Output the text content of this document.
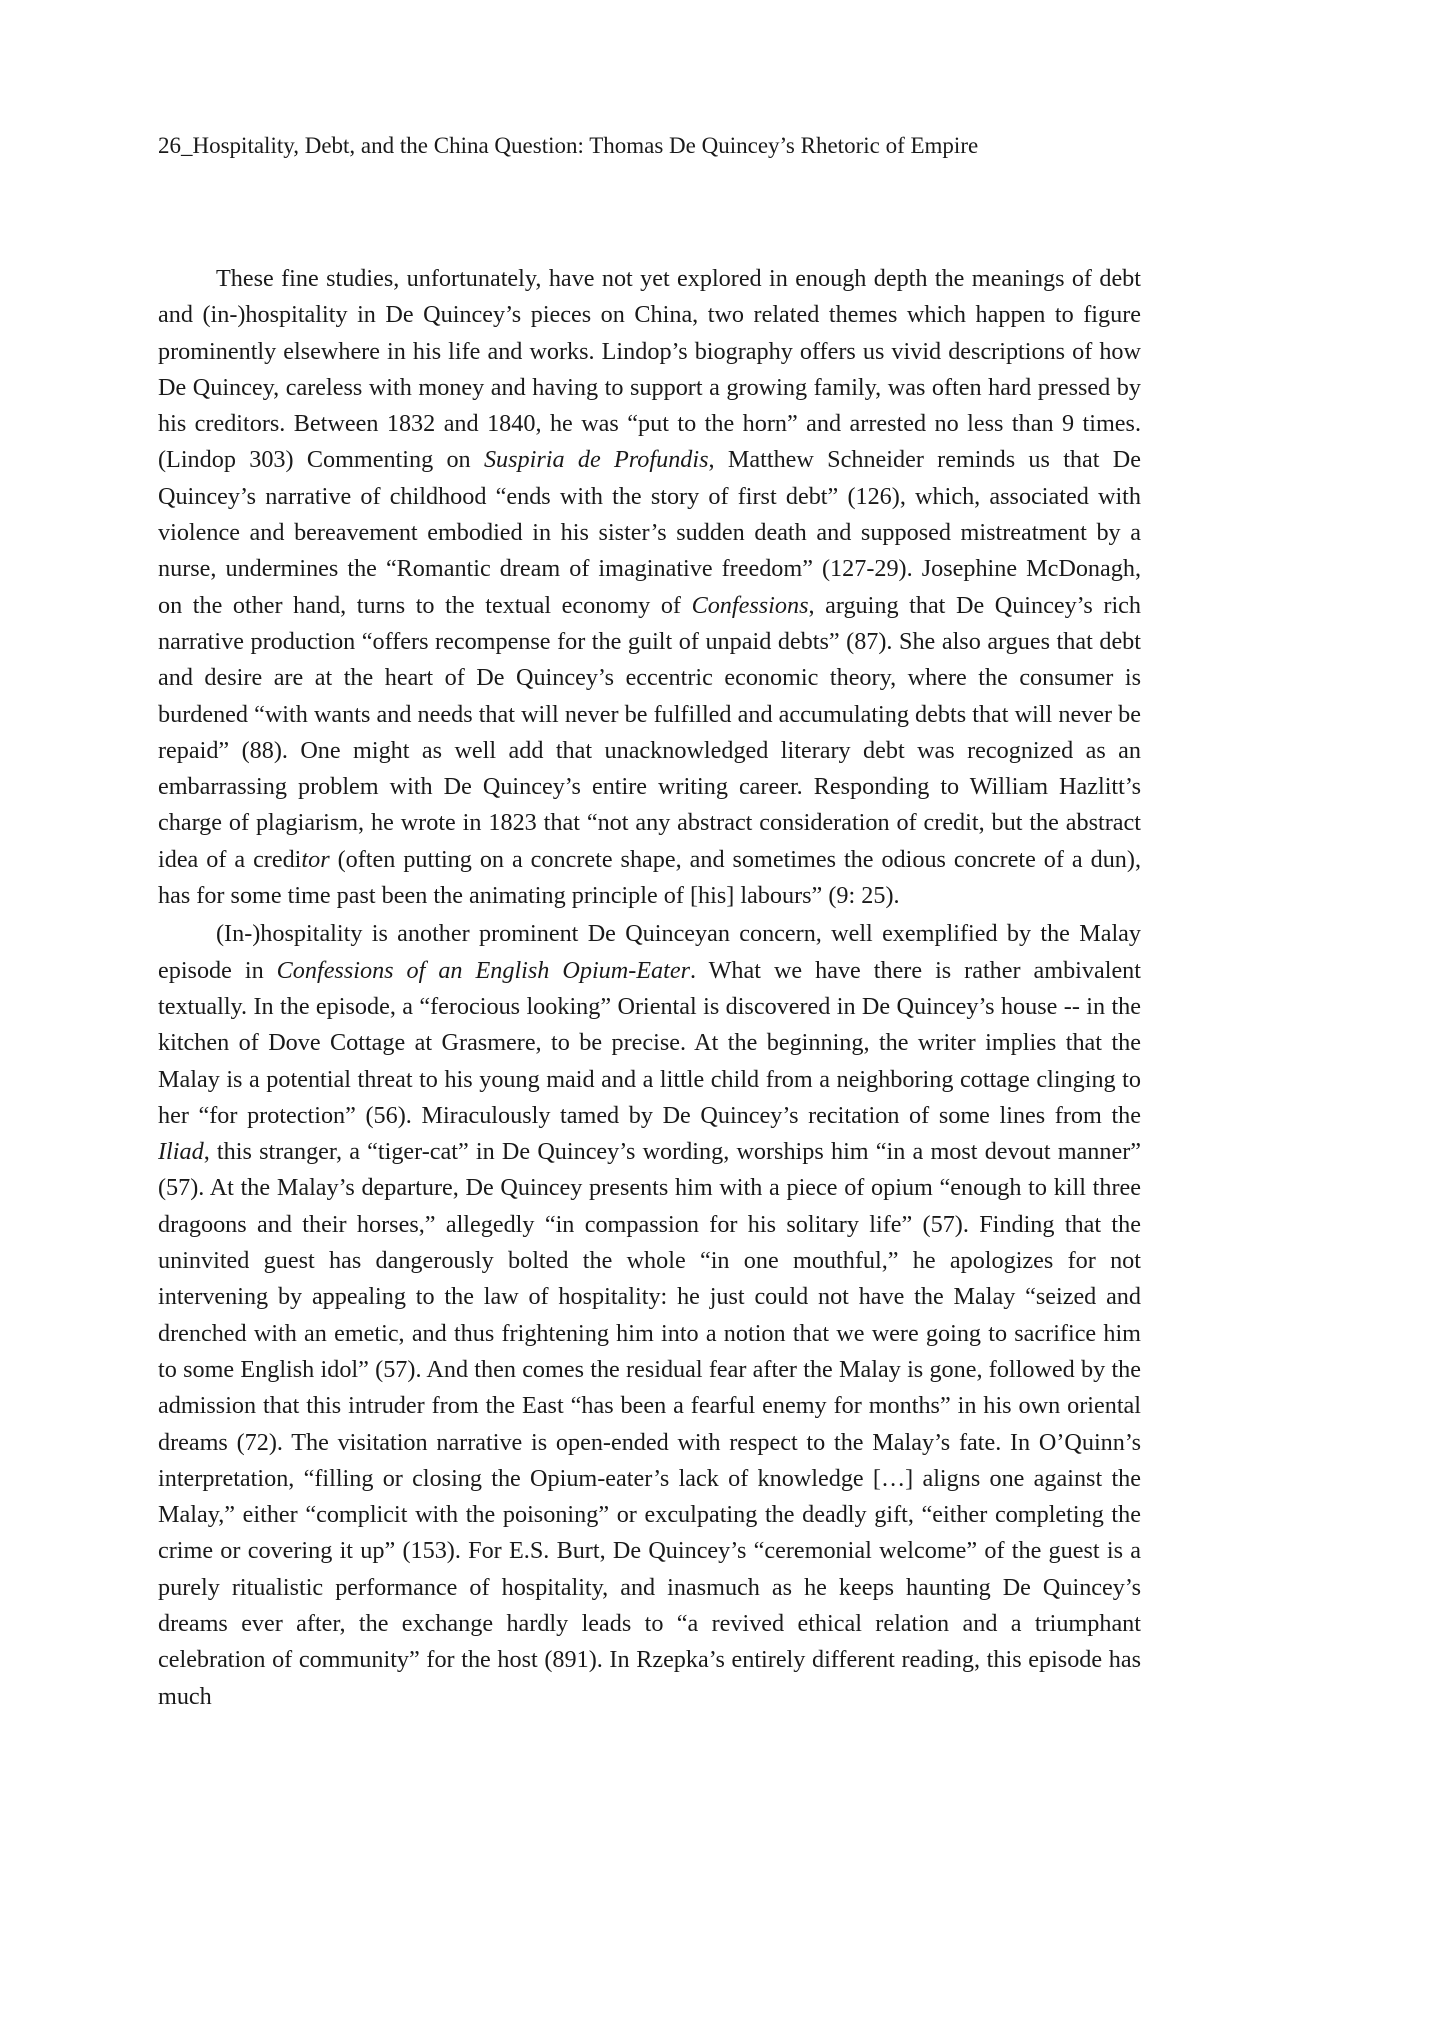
26_Hospitality, Debt, and the China Question: Thomas De Quincey’s Rhetoric of Empire

These fine studies, unfortunately, have not yet explored in enough depth the meanings of debt and (in-)hospitality in De Quincey’s pieces on China, two related themes which happen to figure prominently elsewhere in his life and works. Lindop’s biography offers us vivid descriptions of how De Quincey, careless with money and having to support a growing family, was often hard pressed by his creditors. Between 1832 and 1840, he was “put to the horn” and arrested no less than 9 times. (Lindop 303) Commenting on Suspiria de Profundis, Matthew Schneider reminds us that De Quincey’s narrative of childhood “ends with the story of first debt” (126), which, associated with violence and bereavement embodied in his sister’s sudden death and supposed mistreatment by a nurse, undermines the “Romantic dream of imaginative freedom” (127-29). Josephine McDonagh, on the other hand, turns to the textual economy of Confessions, arguing that De Quincey’s rich narrative production “offers recompense for the guilt of unpaid debts” (87). She also argues that debt and desire are at the heart of De Quincey’s eccentric economic theory, where the consumer is burdened “with wants and needs that will never be fulfilled and accumulating debts that will never be repaid” (88). One might as well add that unacknowledged literary debt was recognized as an embarrassing problem with De Quincey’s entire writing career. Responding to William Hazlitt’s charge of plagiarism, he wrote in 1823 that “not any abstract consideration of credit, but the abstract idea of a creditor (often putting on a concrete shape, and sometimes the odious concrete of a dun), has for some time past been the animating principle of [his] labours” (9: 25).

(In-)hospitality is another prominent De Quinceyan concern, well exemplified by the Malay episode in Confessions of an English Opium-Eater. What we have there is rather ambivalent textually. In the episode, a “ferocious looking” Oriental is discovered in De Quincey’s house -- in the kitchen of Dove Cottage at Grasmere, to be precise. At the beginning, the writer implies that the Malay is a potential threat to his young maid and a little child from a neighboring cottage clinging to her “for protection” (56). Miraculously tamed by De Quincey’s recitation of some lines from the Iliad, this stranger, a “tiger-cat” in De Quincey’s wording, worships him “in a most devout manner” (57). At the Malay’s departure, De Quincey presents him with a piece of opium “enough to kill three dragoons and their horses,” allegedly “in compassion for his solitary life” (57). Finding that the uninvited guest has dangerously bolted the whole “in one mouthful,” he apologizes for not intervening by appealing to the law of hospitality: he just could not have the Malay “seized and drenched with an emetic, and thus frightening him into a notion that we were going to sacrifice him to some English idol” (57). And then comes the residual fear after the Malay is gone, followed by the admission that this intruder from the East “has been a fearful enemy for months” in his own oriental dreams (72). The visitation narrative is open-ended with respect to the Malay’s fate. In O’Quinn’s interpretation, “filling or closing the Opium-eater’s lack of knowledge […] aligns one against the Malay,” either “complicit with the poisoning” or exculpating the deadly gift, “either completing the crime or covering it up” (153). For E.S. Burt, De Quincey’s “ceremonial welcome” of the guest is a purely ritualistic performance of hospitality, and inasmuch as he keeps haunting De Quincey’s dreams ever after, the exchange hardly leads to “a revived ethical relation and a triumphant celebration of community” for the host (891). In Rzepka’s entirely different reading, this episode has much
